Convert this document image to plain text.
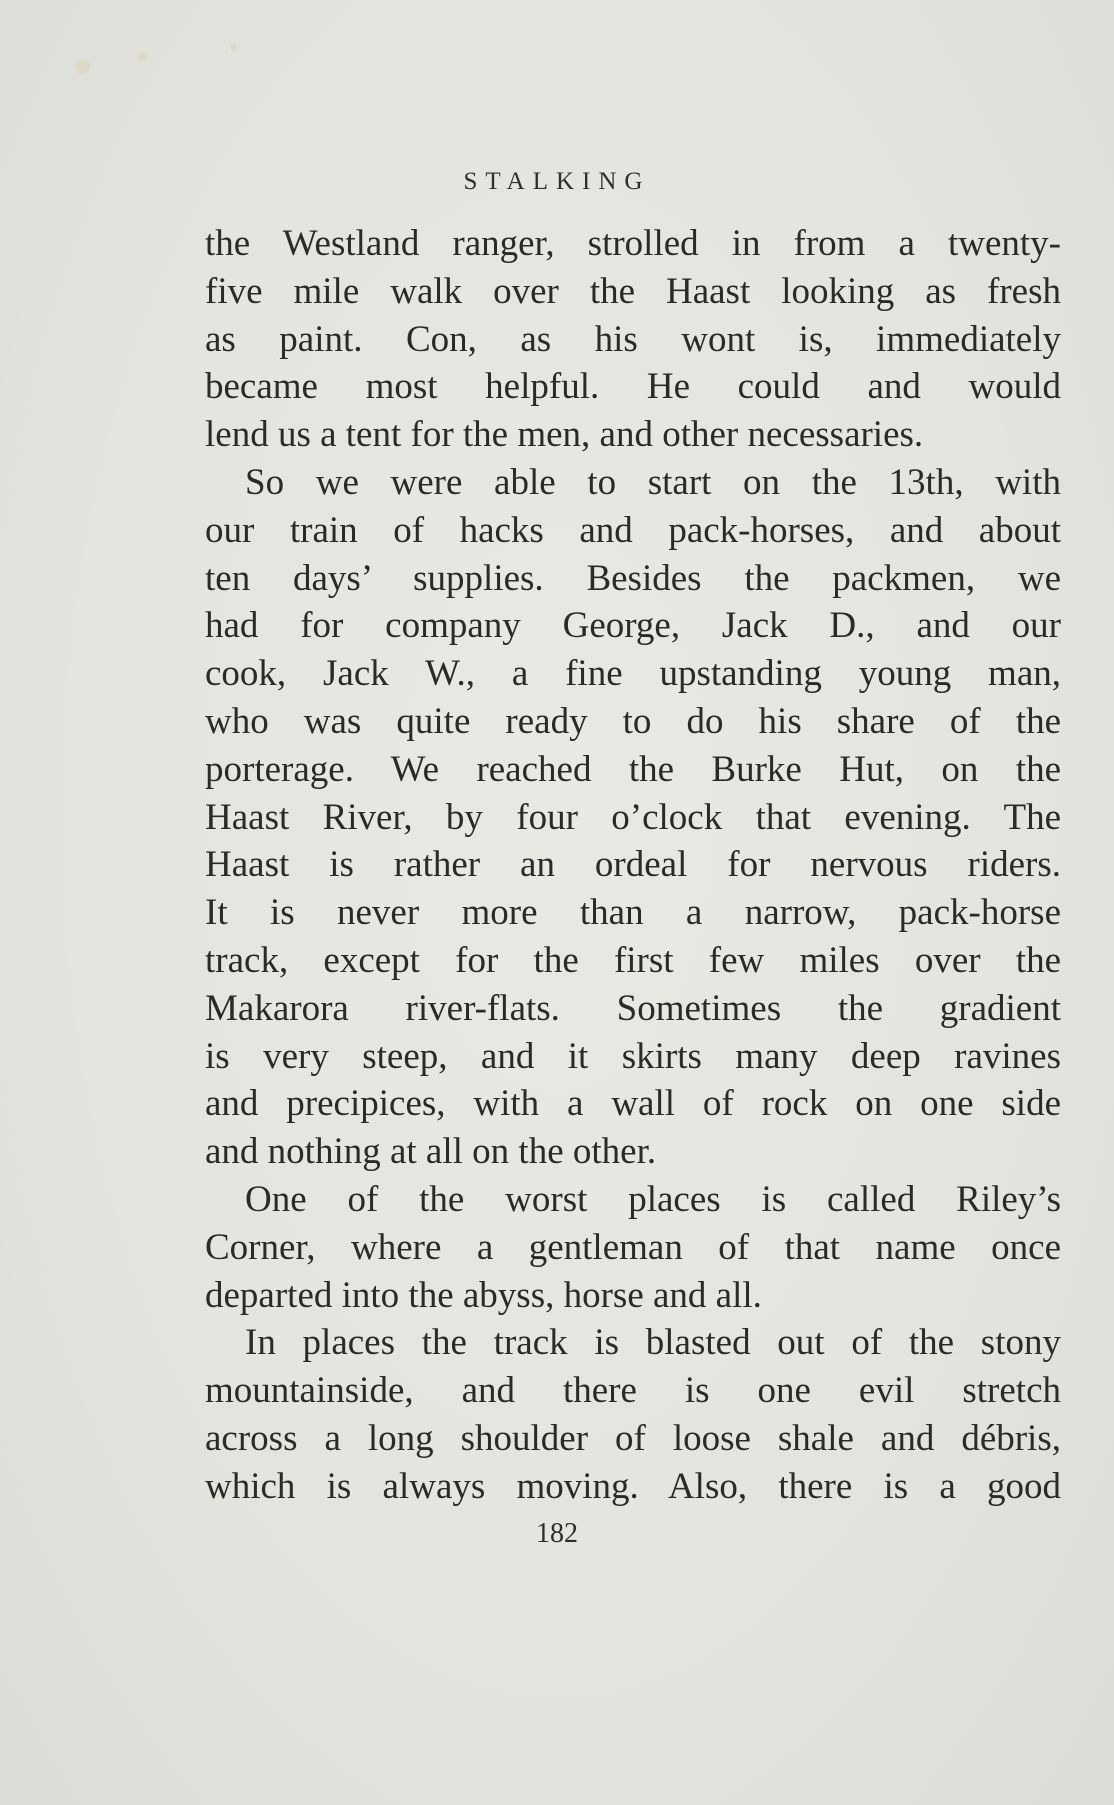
STALKING
the Westland ranger, strolled in from a twenty-
five mile walk over the Haast looking as fresh
as paint. Con, as his wont is, immediately
became most helpful. He could and would
lend us a tent for the men, and other necessaries.
So we were able to start on the 13th, with
our train of hacks and pack-horses, and about
ten days’ supplies. Besides the packmen, we
had for company George, Jack D., and our
cook, Jack W., a fine upstanding young man,
who was quite ready to do his share of the
porterage. We reached the Burke Hut, on the
Haast River, by four o’clock that evening. The
Haast is rather an ordeal for nervous riders.
It is never more than a narrow, pack-horse
track, except for the first few miles over the
Makarora river-flats. Sometimes the gradient
is very steep, and it skirts many deep ravines
and precipices, with a wall of rock on one side
and nothing at all on the other.
One of the worst places is called Riley’s
Corner, where a gentleman of that name once
departed into the abyss, horse and all.
In places the track is blasted out of the stony
mountainside, and there is one evil stretch
across a long shoulder of loose shale and débris,
which is always moving. Also, there is a good
182
